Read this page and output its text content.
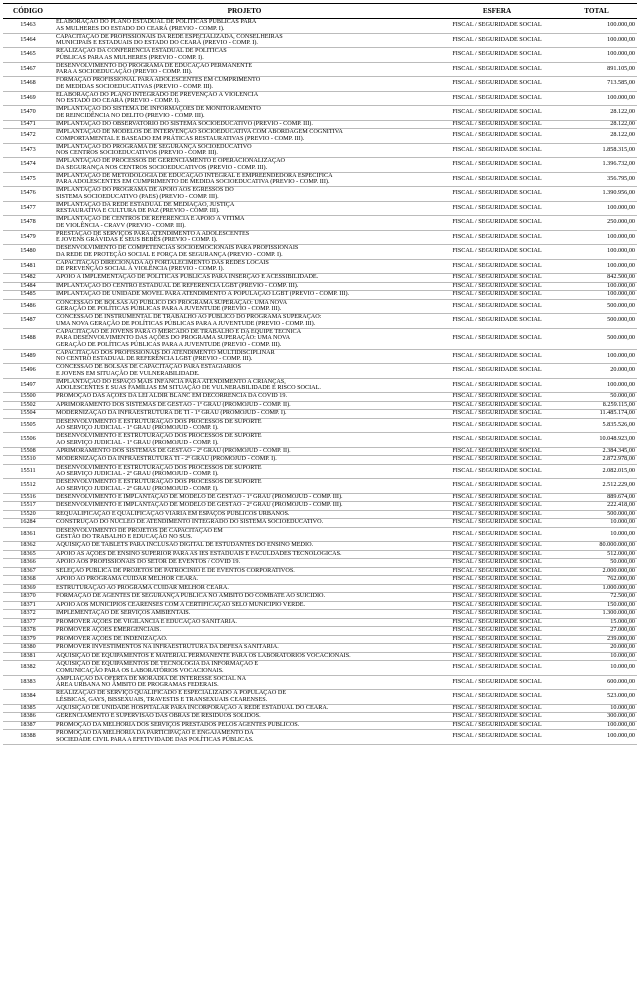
CÓDIGO	PROJETO	ESFERA	TOTAL
15463	ELABORAÇÃO DO PLANO ESTADUAL DE POLÍTICAS PÚBLICAS PARA
AS MULHERES DO ESTADO DO CEARÁ (PREVIO - COMP. I).	FISCAL / SEGURIDADE SOCIAL	100.000,00
15464	CAPACITAÇÃO DE PROFISSIONAIS DA REDE ESPECIALIZADA, CONSELHEIRAS
MUNICIPAIS E ESTADUAIS DO ESTADO DO CEARÁ (PREVIO - COMP. I).	FISCAL / SEGURIDADE SOCIAL	100.000,00
15465	REALIZAÇÃO DA CONFERÊNCIA ESTADUAL DE POLÍTICAS
PÚBLICAS PARA AS MULHERES (PREVIO - COMP. I).	FISCAL / SEGURIDADE SOCIAL	100.000,00
15467	DESENVOLVIMENTO DO PROGRAMA DE EDUCAÇÃO PERMANENTE
PARA A SOCIOEDUCAÇÃO (PREVIO - COMP. III).	FISCAL / SEGURIDADE SOCIAL	891.105,00
15468	FORMAÇÃO PROFISSIONAL PARA ADOLESCENTES EM CUMPRIMENTO
DE MEDIDAS SOCIOEDUCATIVAS (PREVIO - COMP. III).	FISCAL / SEGURIDADE SOCIAL	713.585,00
15469	ELABORAÇÃO DO PLANO INTEGRADO DE PREVENÇÃO À VIOLÊNCIA
NO ESTADO DO CEARÁ (PREVIO - COMP. I).	FISCAL / SEGURIDADE SOCIAL	100.000,00
15470	IMPLANTAÇÃO DO SISTEMA DE INFORMAÇÕES DE MONITORAMENTO
DE REINCIDÊNCIA NO DELITO (PREVIO - COMP. III).	FISCAL / SEGURIDADE SOCIAL	28.122,00
15471	IMPLANTAÇÃO DO OBSERVATÓRIO DO SISTEMA SOCIOEDUCATIVO (PREVIO - COMP. III).	FISCAL / SEGURIDADE SOCIAL	28.122,00
15472	IMPLANTAÇÃO DE MODELOS DE INTERVENÇÃO SOCIOEDUCATIVA COM ABORDAGEM COGNITIVA
COMPORTAMENTAL E BASEADO EM PRÁTICAS RESTAURATIVAS (PREVIO - COMP. III).	FISCAL / SEGURIDADE SOCIAL	28.122,00
15473	IMPLANTAÇÃO DO PROGRAMA DE SEGURANÇA SOCIOEDUCATIVO
NOS CENTROS SOCIOEDUCATIVOS (PREVIO - COMP. III).	FISCAL / SEGURIDADE SOCIAL	1.858.315,00
15474	IMPLANTAÇÃO DE PROCESSOS DE GERENCIAMENTO E OPERACIONALIZAÇÃO
DA SEGURANÇA NOS CENTROS SOCIOEDUCATIVOS (PREVIO - COMP. III).	FISCAL / SEGURIDADE SOCIAL	1.396.732,00
15475	IMPLANTAÇÃO DE METODOLOGIA DE EDUCAÇÃO INTEGRAL E EMPREENDEDORA ESPECÍFICA
PARA ADOLESCENTES EM CUMPRIMENTO DE MEDIDA SOCIOEDUCATIVA (PREVIO - COMP. III).	FISCAL / SEGURIDADE SOCIAL	356.795,00
15476	IMPLANTAÇÃO DO PROGRAMA DE APOIO AOS EGRESSOS DO
SISTEMA SOCIOEDUCATIVO (PAES) (PREVIO - COMP. III).	FISCAL / SEGURIDADE SOCIAL	1.390.956,00
15477	IMPLANTAÇÃO DA REDE ESTADUAL DE MEDIAÇÃO, JUSTIÇA
RESTAURATIVA E CULTURA DE PAZ (PREVIO - COMP. III).	FISCAL / SEGURIDADE SOCIAL	100.000,00
15478	IMPLANTAÇÃO DE CENTROS DE REFERÊNCIA E APOIO À VÍTIMA
DE VIOLÊNCIA - CRAVV (PREVIO - COMP. III).	FISCAL / SEGURIDADE SOCIAL	250.000,00
15479	PRESTAÇÃO DE SERVIÇOS PARA ATENDIMENTO A ADOLESCENTES
E JOVENS GRÁVIDAS E SEUS BEBÊS (PREVIO - COMP. I).	FISCAL / SEGURIDADE SOCIAL	100.000,00
15480	DESENVOLVIMENTO DE COMPETÊNCIAS SOCIOEMOCIONAIS PARA PROFISSIONAIS
DA REDE DE PROTEÇÃO SOCIAL E FORÇA DE SEGURANÇA (PREVIO - COMP. I).	FISCAL / SEGURIDADE SOCIAL	100.000,00
15481	CAPACITAÇÃO DIRECIONADA AO FORTALECIMENTO DAS REDES LOCAIS
DE PREVENÇÃO SOCIAL À VIOLÊNCIA (PREVIO - COMP. I).	FISCAL / SEGURIDADE SOCIAL	100.000,00
15482	APOIO À IMPLEMENTAÇÃO DE POLÍTICAS PÚBLICAS PARA INSERÇÃO E ACESSIBILIDADE.	FISCAL / SEGURIDADE SOCIAL	842.500,00
15484	IMPLANTAÇÃO DO CENTRO ESTADUAL DE REFERÊNCIA LGBT (PREVIO - COMP. III).	FISCAL / SEGURIDADE SOCIAL	100.000,00
15485	IMPLANTAÇÃO DE UNIDADE MÓVEL PARA ATENDIMENTO À POPULAÇÃO LGBT (PREVIO - COMP. III).	FISCAL / SEGURIDADE SOCIAL	100.000,00
15486	CONCESSÃO DE BOLSAS AO PÚBLICO DO PROGRAMA SUPERAÇÃO: UMA NOVA
GERAÇÃO DE POLÍTICAS PÚBLICAS PARA A JUVENTUDE (PREVIO - COMP. III).	FISCAL / SEGURIDADE SOCIAL	500.000,00
15487	CONCESSÃO DE INSTRUMENTAL DE TRABALHO AO PÚBLICO DO PROGRAMA SUPERAÇÃO:
UMA NOVA GERAÇÃO DE POLÍTICAS PÚBLICAS PARA A JUVENTUDE (PREVIO - COMP. III).	FISCAL / SEGURIDADE SOCIAL	500.000,00
15488
CAPACITAÇÃO DE JOVENS PARA O MERCADO DE TRABALHO E DA EQUIPE TÉCNICA
PARA DESENVOLVIMENTO DAS AÇÕES DO PROGRAMA SUPERAÇÃO: UMA NOVA
GERAÇÃO DE POLÍTICAS PÚBLICAS PARA A JUVENTUDE (PREVIO - COMP. III).
FISCAL / SEGURIDADE SOCIAL	500.000,00
15489	CAPACITAÇÃO DOS PROFISSIONAIS DO ATENDIMENTO MULTIDISCIPLINAR
NO CENTRO ESTADUAL DE REFERÊNCIA LGBT (PREVIO - COMP. III).	FISCAL / SEGURIDADE SOCIAL	100.000,00
15496	CONCESSÃO DE BOLSAS DE CAPACITAÇÃO PARA ESTAGIÁRIOS
E JOVENS EM SITUAÇÃO DE VULNERABILIDADE.	FISCAL / SEGURIDADE SOCIAL	20.000,00
15497	IMPLANTAÇÃO DO ESPAÇO MAIS INFÂNCIA PARA ATENDIMENTO A CRIANÇAS,
ADOLESCENTES E SUAS FAMÍLIAS EM SITUAÇÃO DE VULNERABILIDADE E RISCO SOCIAL.	FISCAL / SEGURIDADE SOCIAL	100.000,00
15500	PROMOÇÃO DAS AÇÕES DA LEI ALDIR BLANC EM DECORRÊNCIA DA COVID 19.	FISCAL / SEGURIDADE SOCIAL	50.000,00
15502	APRIMORAMENTO DOS SISTEMAS DE GESTÃO - 1º GRAU (PROMOJUD - COMP. II).	FISCAL / SEGURIDADE SOCIAL	8.259.115,00
15504	MODERNIZAÇÃO DA INFRAESTRUTURA DE TI - 1º GRAU (PROMOJUD - COMP. I).	FISCAL / SEGURIDADE SOCIAL	11.485.174,00
15505	DESENVOLVIMENTO E ESTRUTURAÇÃO DOS PROCESSOS DE SUPORTE
AO SERVIÇO JUDICIAL - 1º GRAU (PROMOJUD - COMP. I).	FISCAL / SEGURIDADE SOCIAL	5.835.526,00
15506	DESENVOLVIMENTO E ESTRUTURAÇÃO DOS PROCESSOS DE SUPORTE
AO SERVIÇO JUDICIAL - 1º GRAU (PROMOJUD - COMP. I).	FISCAL / SEGURIDADE SOCIAL	10.048.923,00
15508	APRIMORAMENTO DOS SISTEMAS DE GESTÃO - 2º GRAU (PROMOJUD - COMP. II).	FISCAL / SEGURIDADE SOCIAL	2.384.345,00
15510	MODERNIZAÇÃO DA INFRAESTRUTURA TI - 2º GRAU (PROMOJUD - COMP. I).	FISCAL / SEGURIDADE SOCIAL	2.872.978,00
15511	DESENVOLVIMENTO E ESTRUTURAÇÃO DOS PROCESSOS DE SUPORTE
AO SERVIÇO JUDICIAL - 2º GRAU (PROMOJUD - COMP. I).	FISCAL / SEGURIDADE SOCIAL	2.082.015,00
15512	DESENVOLVIMENTO E ESTRUTURAÇÃO DOS PROCESSOS DE SUPORTE
AO SERVIÇO JUDICIAL - 2º GRAU (PROMOJUD - COMP. I).	FISCAL / SEGURIDADE SOCIAL	2.512.229,00
15516	DESENVOLVIMENTO E IMPLANTAÇÃO DE MODELO DE GESTÃO - 1º GRAU (PROMOJUD - COMP. III).	FISCAL / SEGURIDADE SOCIAL	889.674,00
15517	DESENVOLVIMENTO E IMPLANTAÇÃO DE MODELO DE GESTÃO - 2º GRAU (PROMOJUD - COMP. III).	FISCAL / SEGURIDADE SOCIAL	222.418,00
15520	REQUALIFICAÇÃO E QUALIFICAÇÃO VIÁRIA EM ESPAÇOS PÚBLICOS URBANOS.	FISCAL / SEGURIDADE SOCIAL	500.000,00
16284	CONSTRUÇÃO DO NÚCLEO DE ATENDIMENTO INTEGRADO DO SISTEMA SOCIOEDUCATIVO.	FISCAL / SEGURIDADE SOCIAL	10.000,00
18361	DESENVOLVIMENTO DE PROJETOS DE CAPACITAÇÃO EM
GESTÃO DO TRABALHO E EDUCAÇÃO NO SUS.	FISCAL / SEGURIDADE SOCIAL	10.000,00
18362	AQUISIÇÃO DE TABLETS PARA INCLUSÃO DIGITAL DE ESTUDANTES DO ENSINO MÉDIO.	FISCAL / SEGURIDADE SOCIAL	80.000.000,00
18365	APOIO ÀS AÇÕES DE ENSINO SUPERIOR PARA AS IES ESTADUAIS E FACULDADES TECNOLÓGICAS.	FISCAL / SEGURIDADE SOCIAL	512.000,00
18366	APOIO AOS PROFISSIONAIS DO SETOR DE EVENTOS / COVID 19.	FISCAL / SEGURIDADE SOCIAL	50.000,00
18367	SELEÇÃO PÚBLICA DE PROJETOS DE PATROCÍNIO E DE EVENTOS CORPORATIVOS.	FISCAL / SEGURIDADE SOCIAL	2.000.000,00
18368	APOIO AO PROGRAMA CUIDAR MELHOR CEARÁ.	FISCAL / SEGURIDADE SOCIAL	762.000,00
18369	ESTRUTURAÇÃO AO PROGRAMA CUIDAR MELHOR CEARÁ.	FISCAL / SEGURIDADE SOCIAL	1.000.000,00
18370	FORMAÇÃO DE AGENTES DE SEGURANÇA PÚBLICA NO ÂMBITO DO COMBATE AO SUICÍDIO.	FISCAL / SEGURIDADE SOCIAL	72.500,00
18371	APOIO AOS MUNICÍPIOS CEARENSES COM A CERTIFICAÇÃO SELO MUNICÍPIO VERDE.	FISCAL / SEGURIDADE SOCIAL	150.000,00
18372	IMPLEMENTAÇÃO DE SERVIÇOS AMBIENTAIS.	FISCAL / SEGURIDADE SOCIAL	1.300.000,00
18377	PROMOVER AÇÕES DE VIGILÂNCIA E EDUCAÇÃO SANITÁRIA.	FISCAL / SEGURIDADE SOCIAL	15.000,00
18378	PROMOVER AÇÕES EMERGENCIAIS.	FISCAL / SEGURIDADE SOCIAL	27.000,00
18379	PROMOVER AÇÕES DE INDENIZAÇÃO.	FISCAL / SEGURIDADE SOCIAL	239.000,00
18380	PROMOVER INVESTIMENTOS NA INFRAESTRUTURA DA DEFESA SANITÁRIA.	FISCAL / SEGURIDADE SOCIAL	20.000,00
18381	AQUISIÇÃO DE EQUIPAMENTOS E MATERIAL PERMANENTE PARA OS LABORATÓRIOS VOCACIONAIS.	FISCAL / SEGURIDADE SOCIAL	10.000,00
18382	AQUISIÇÃO DE EQUIPAMENTOS DE TECNOLOGIA DA INFORMAÇÃO E
COMUNICAÇÃO PARA OS LABORATÓRIOS VOCACIONAIS.	FISCAL / SEGURIDADE SOCIAL	10.000,00
18383	AMPLIAÇÃO DA OFERTA DE MORADIA DE INTERESSE SOCIAL NA
ÁREA URBANA NO ÂMBITO DE PROGRAMAS FEDERAIS.	FISCAL / SEGURIDADE SOCIAL	600.000,00
18384	REALIZAÇÃO DE SERVIÇO QUALIFICADO E ESPECIALIZADO À POPULAÇÃO DE
LÉSBICAS, GAYS, BISSEXUAIS, TRAVESTIS E TRANSEXUAIS CEARENSES.	FISCAL / SEGURIDADE SOCIAL	523.000,00
18385	AQUISIÇÃO DE UNIDADE HOSPITALAR PARA INCORPORAÇÃO À REDE ESTADUAL DO CEARÁ.	FISCAL / SEGURIDADE SOCIAL	10.000,00
18386	GERENCIAMENTO E SUPERVISÃO DAS OBRAS DE RESÍDUOS SÓLIDOS.	FISCAL / SEGURIDADE SOCIAL	300.000,00
18387	PROMOÇÃO DA MELHORIA DOS SERVIÇOS PRESTADOS PELOS AGENTES PÚBLICOS.	FISCAL / SEGURIDADE SOCIAL	100.000,00
18388	PROMOÇÃO DA MELHORIA DA PARTICIPAÇÃO E ENGAJAMENTO DA
SOCIEDADE CIVIL PARA A EFETIVIDADE DAS POLÍTICAS PÚBLICAS.	FISCAL / SEGURIDADE SOCIAL	100.000,00
